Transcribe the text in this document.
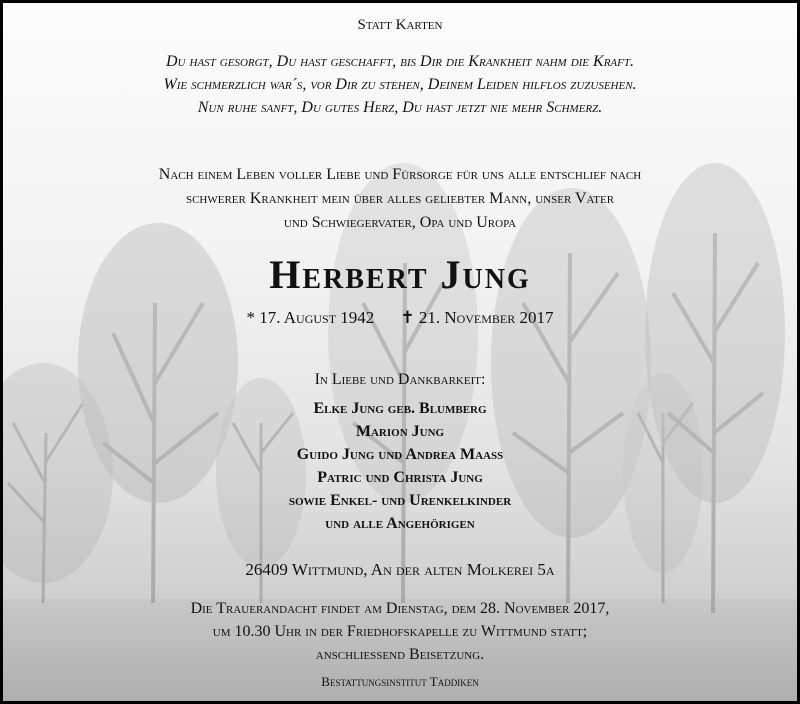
Statt Karten
Du hast gesorgt, Du hast geschafft, bis Dir die Krankheit nahm die Kraft.
Wie schmerzlich war´s, vor Dir zu stehen, Deinem Leiden hilflos zuzusehen.
Nun ruhe sanft, Du gutes Herz, Du hast jetzt nie mehr Schmerz.
Nach einem Leben voller Liebe und Fürsorge für uns alle entschlief nach
schwerer Krankheit mein über alles geliebter Mann, unser Vater
und Schwiegervater, Opa und Uropa
Herbert Jung
* 17. August 1942 ✝ 21. November 2017
In Liebe und Dankbarkeit:
Elke Jung geb. Blumberg
Marion Jung
Guido Jung und Andrea Maass
Patric und Christa Jung
sowie Enkel- und Urenkelkinder
und alle Angehörigen
26409 Wittmund, An der alten Molkerei 5a
Die Trauerandacht findet am Dienstag, dem 28. November 2017,
um 10.30 Uhr in der Friedhofskapelle zu Wittmund statt;
anschließend Beisetzung.
Bestattungsinstitut Taddiken
